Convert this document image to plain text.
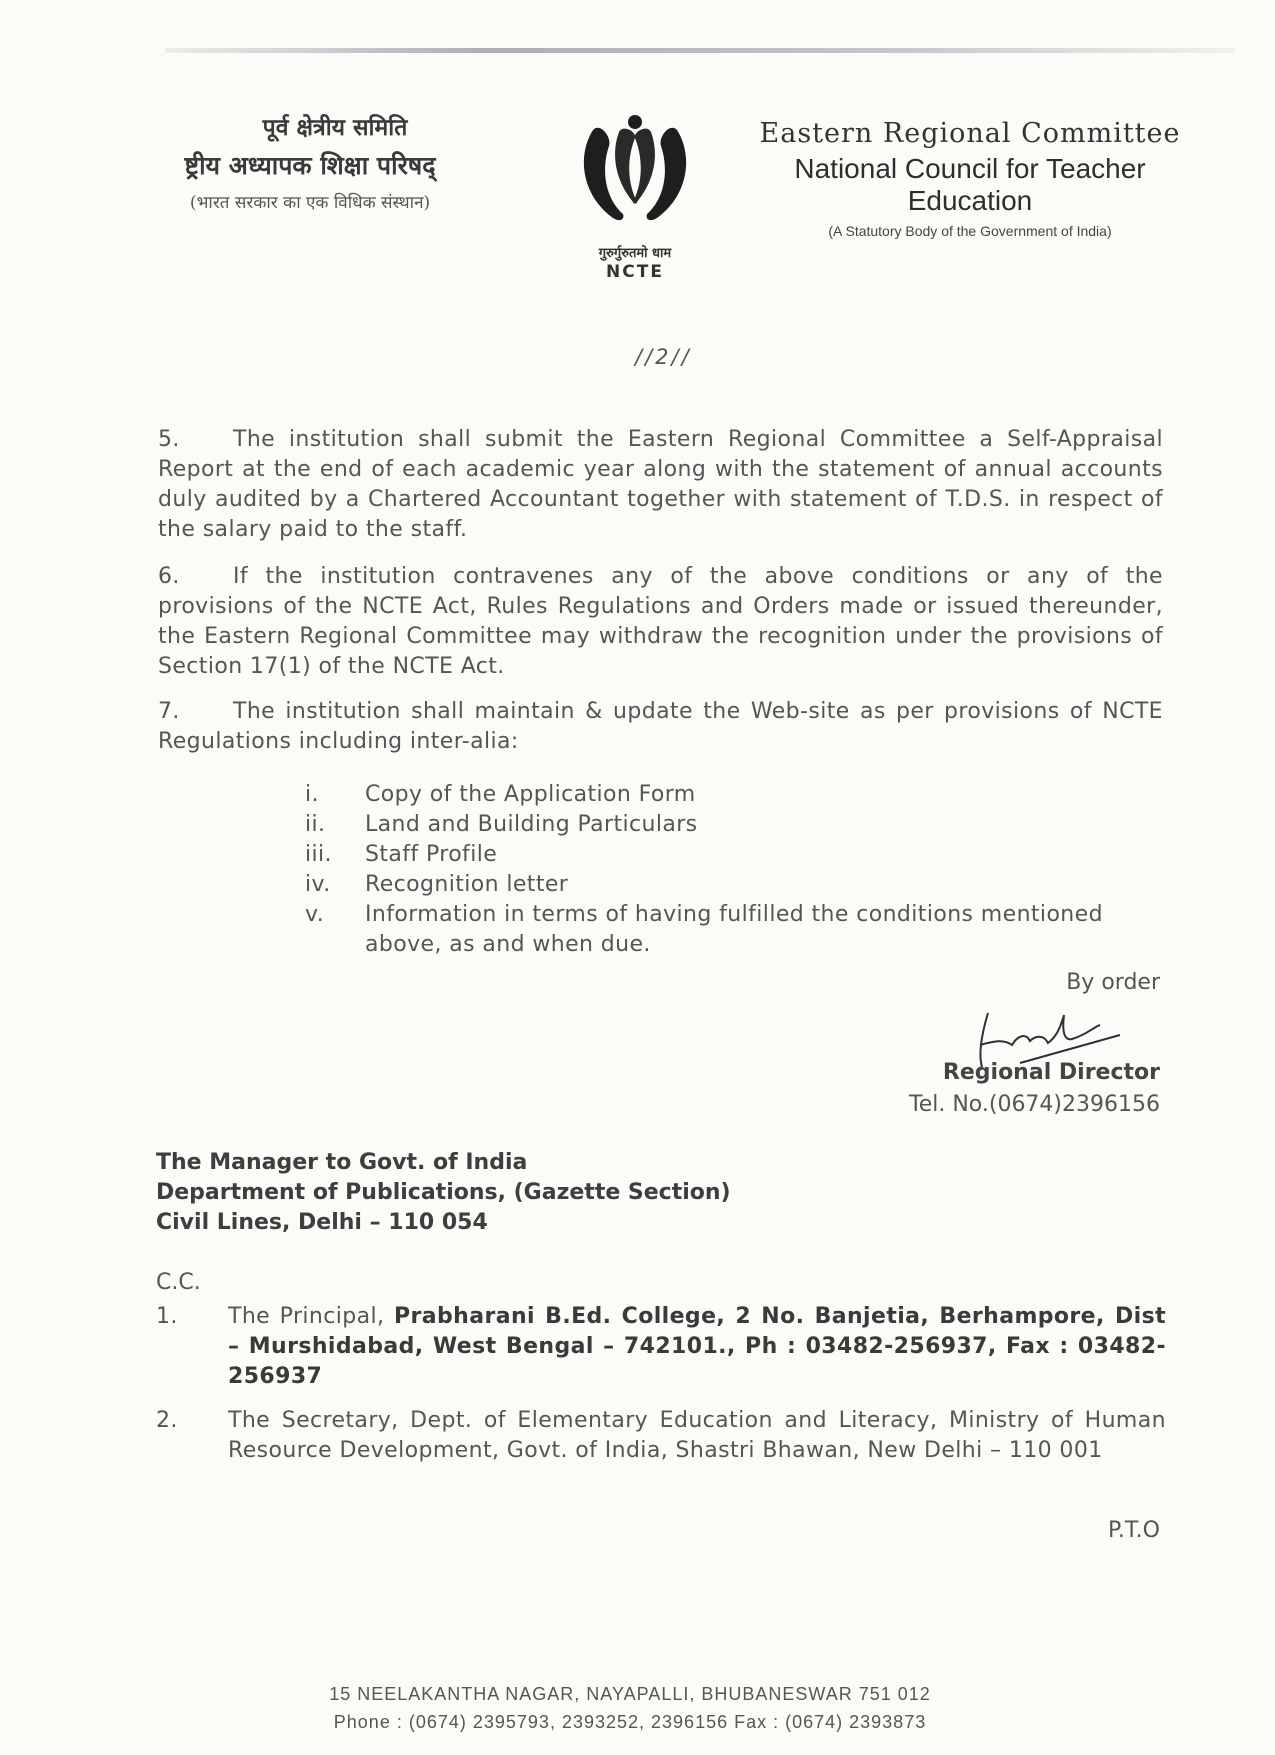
पूर्व क्षेत्रीय समिति
ष्ट्रीय अध्यापक शिक्षा परिषद्
(भारत सरकार का एक विधिक संस्थान)
गुरुर्गुरुतमो धाम
NCTE
Eastern Regional Committee
National Council for Teacher Education
(A Statutory Body of the Government of India)
//2//
5. The institution shall submit the Eastern Regional Committee a Self-Appraisal Report at the end of each academic year along with the statement of annual accounts duly audited by a Chartered Accountant together with statement of T.D.S. in respect of the salary paid to the staff.
6. If the institution contravenes any of the above conditions or any of the provisions of the NCTE Act, Rules Regulations and Orders made or issued thereunder, the Eastern Regional Committee may withdraw the recognition under the provisions of Section 17(1) of the NCTE Act.
7. The institution shall maintain & update the Web-site as per provisions of NCTE Regulations including inter-alia:
i.	Copy of the Application Form
ii.	Land and Building Particulars
iii.	Staff Profile
iv.	Recognition letter
v.	Information in terms of having fulfilled the conditions mentioned above, as and when due.
By order
Regional Director
Tel. No.(0674)2396156
The Manager to Govt. of India
Department of Publications, (Gazette Section)
Civil Lines, Delhi – 110 054
C.C.
1.	The Principal, Prabharani B.Ed. College, 2 No. Banjetia, Berhampore, Dist – Murshidabad, West Bengal – 742101., Ph : 03482-256937, Fax : 03482-256937
2.	The Secretary, Dept. of Elementary Education and Literacy, Ministry of Human Resource Development, Govt. of India, Shastri Bhawan, New Delhi – 110 001
P.T.O
15 NEELAKANTHA NAGAR, NAYAPALLI, BHUBANESWAR 751 012
Phone : (0674) 2395793, 2393252, 2396156 Fax : (0674) 2393873
